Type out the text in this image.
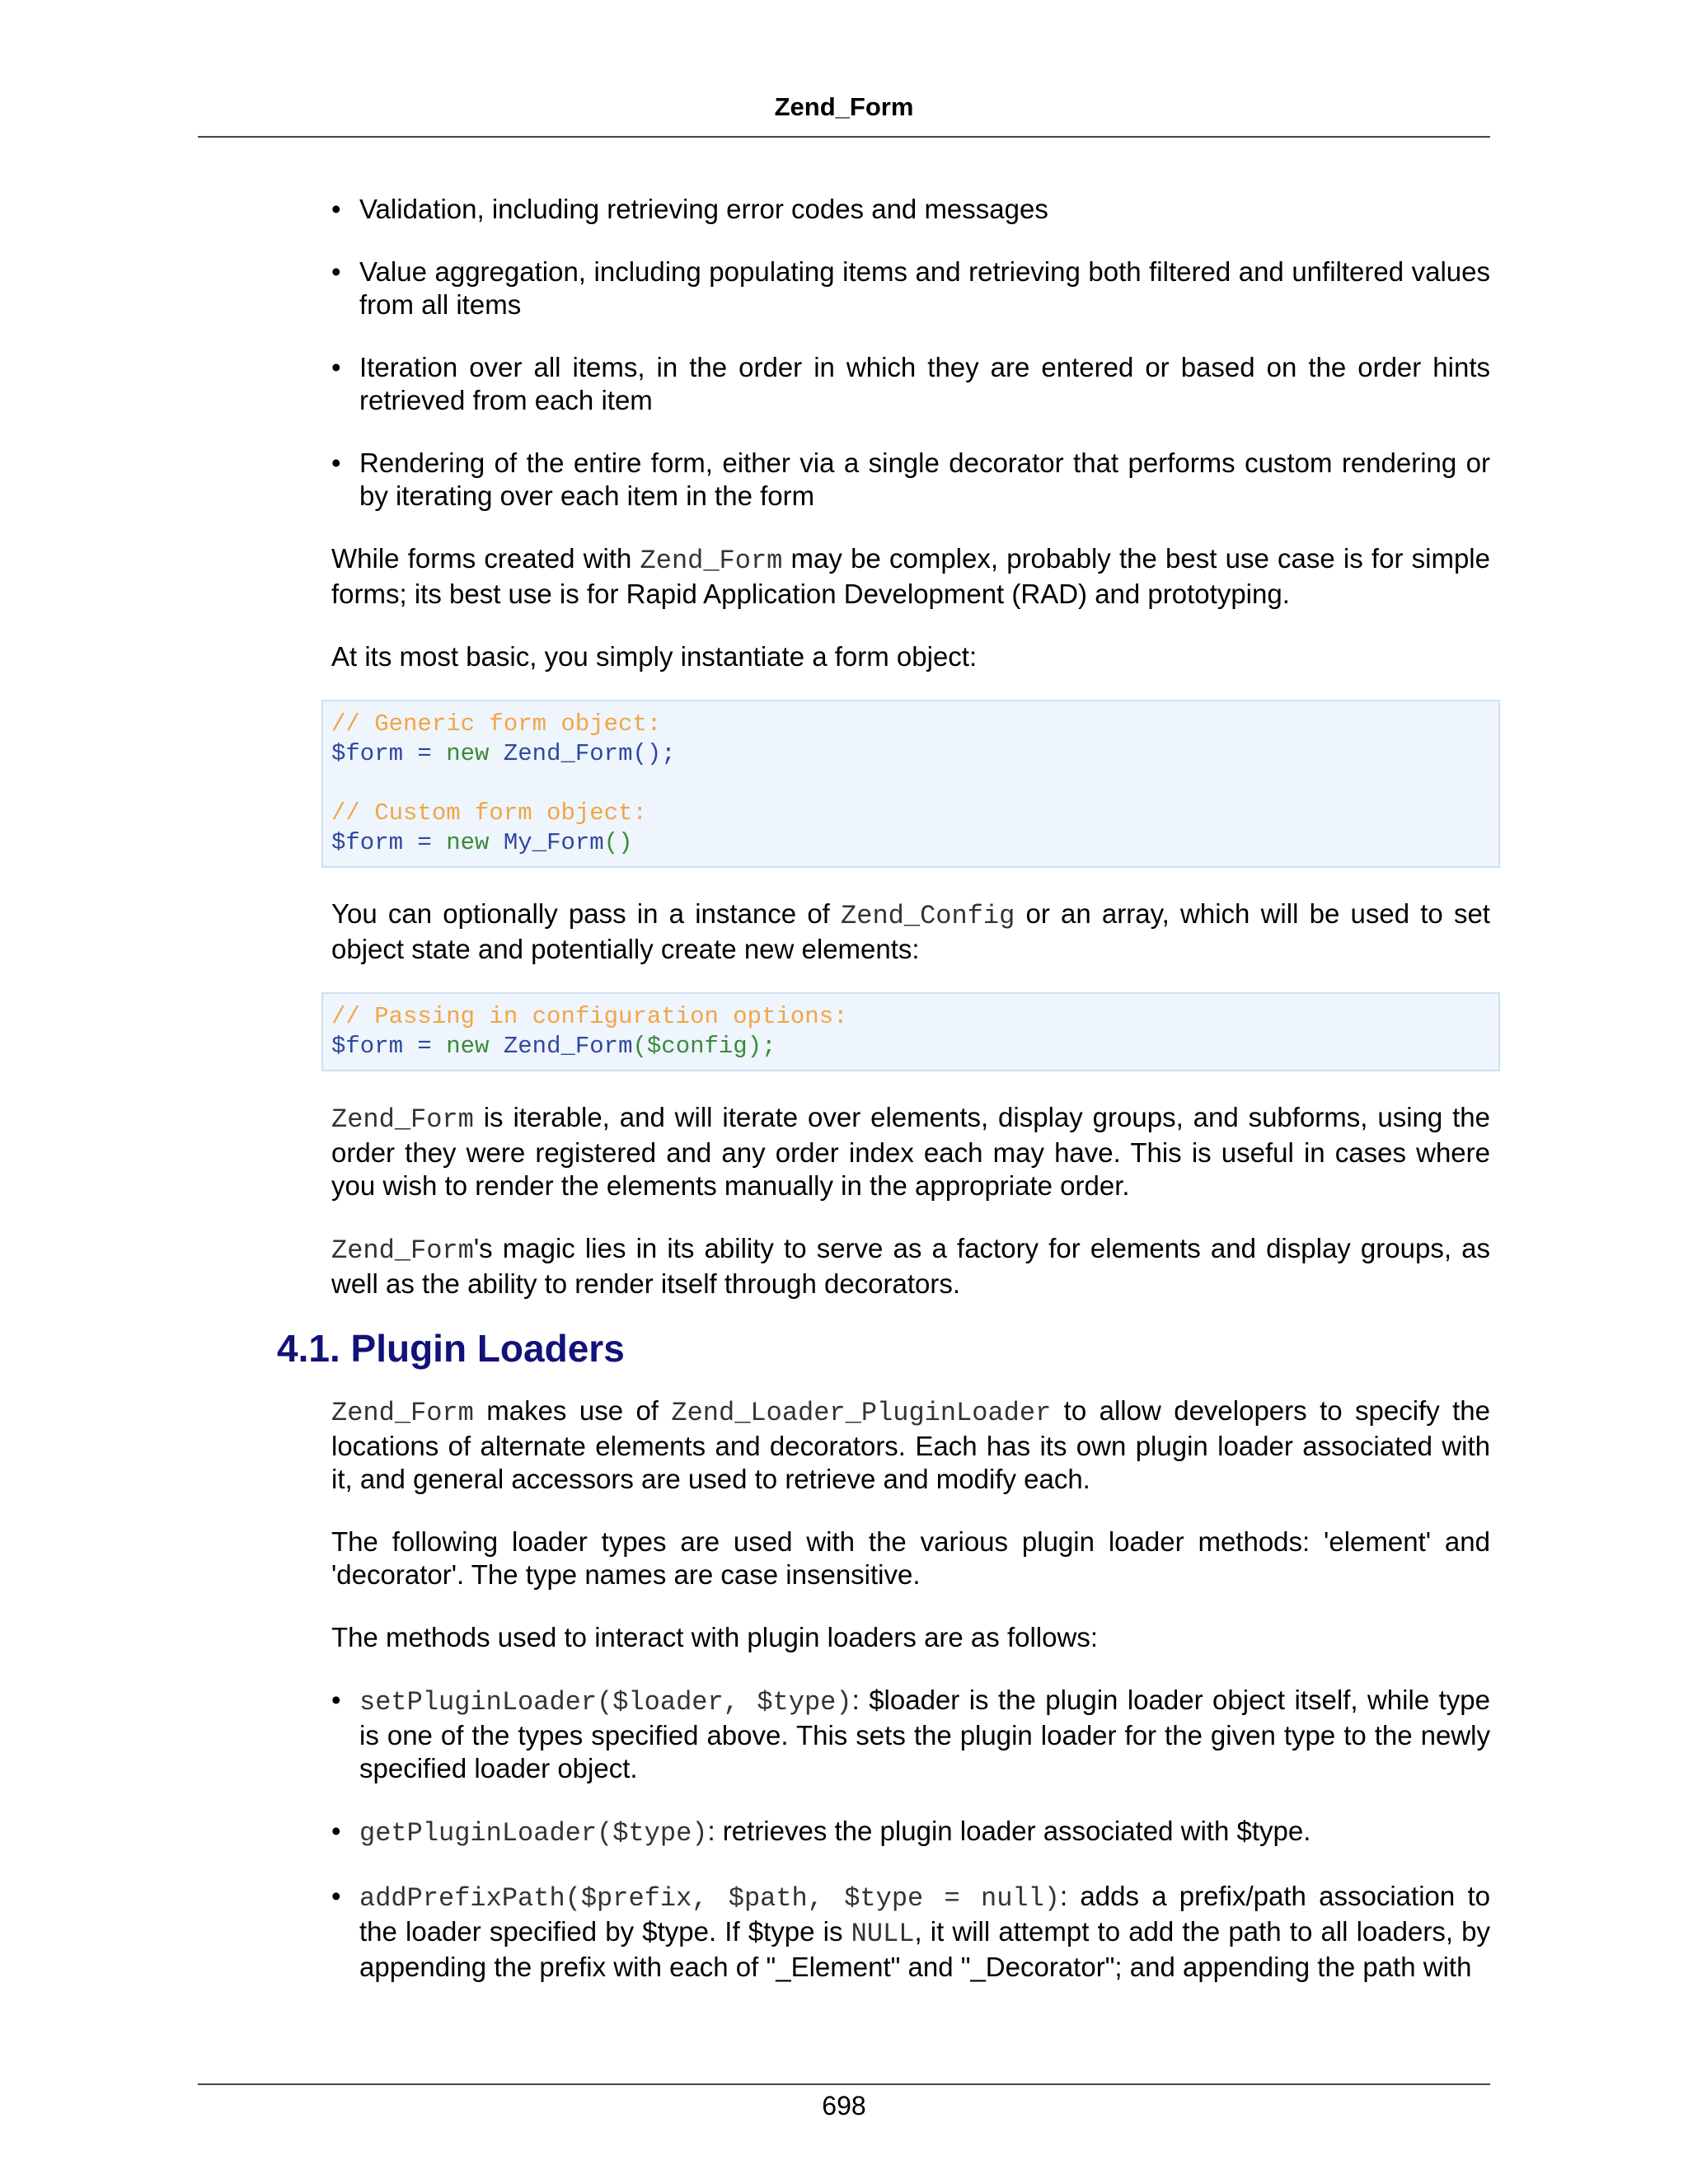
Zend_Form
• Validation, including retrieving error codes and messages
• Value aggregation, including populating items and retrieving both filtered and unfiltered values from all items
• Iteration over all items, in the order in which they are entered or based on the order hints retrieved from each item
• Rendering of the entire form, either via a single decorator that performs custom rendering or by iterating over each item in the form

While forms created with Zend_Form may be complex, probably the best use case is for simple forms; its best use is for Rapid Application Development (RAD) and prototyping.

At its most basic, you simply instantiate a form object:

// Generic form object:
$form = new Zend_Form();

// Custom form object:
$form = new My_Form()

You can optionally pass in a instance of Zend_Config or an array, which will be used to set object state and potentially create new elements:

// Passing in configuration options:
$form = new Zend_Form($config);

Zend_Form is iterable, and will iterate over elements, display groups, and subforms, using the order they were registered and any order index each may have. This is useful in cases where you wish to render the elements manually in the appropriate order.

Zend_Form's magic lies in its ability to serve as a factory for elements and display groups, as well as the ability to render itself through decorators.

4.1. Plugin Loaders

Zend_Form makes use of Zend_Loader_PluginLoader to allow developers to specify the locations of alternate elements and decorators. Each has its own plugin loader associated with it, and general accessors are used to retrieve and modify each.

The following loader types are used with the various plugin loader methods: 'element' and 'decorator'. The type names are case insensitive.

The methods used to interact with plugin loaders are as follows:

• setPluginLoader($loader, $type): $loader is the plugin loader object itself, while type is one of the types specified above. This sets the plugin loader for the given type to the newly specified loader object.
• getPluginLoader($type): retrieves the plugin loader associated with $type.
• addPrefixPath($prefix, $path, $type = null): adds a prefix/path association to the loader specified by $type. If $type is NULL, it will attempt to add the path to all loaders, by appending the prefix with each of "_Element" and "_Decorator"; and appending the path with
698
